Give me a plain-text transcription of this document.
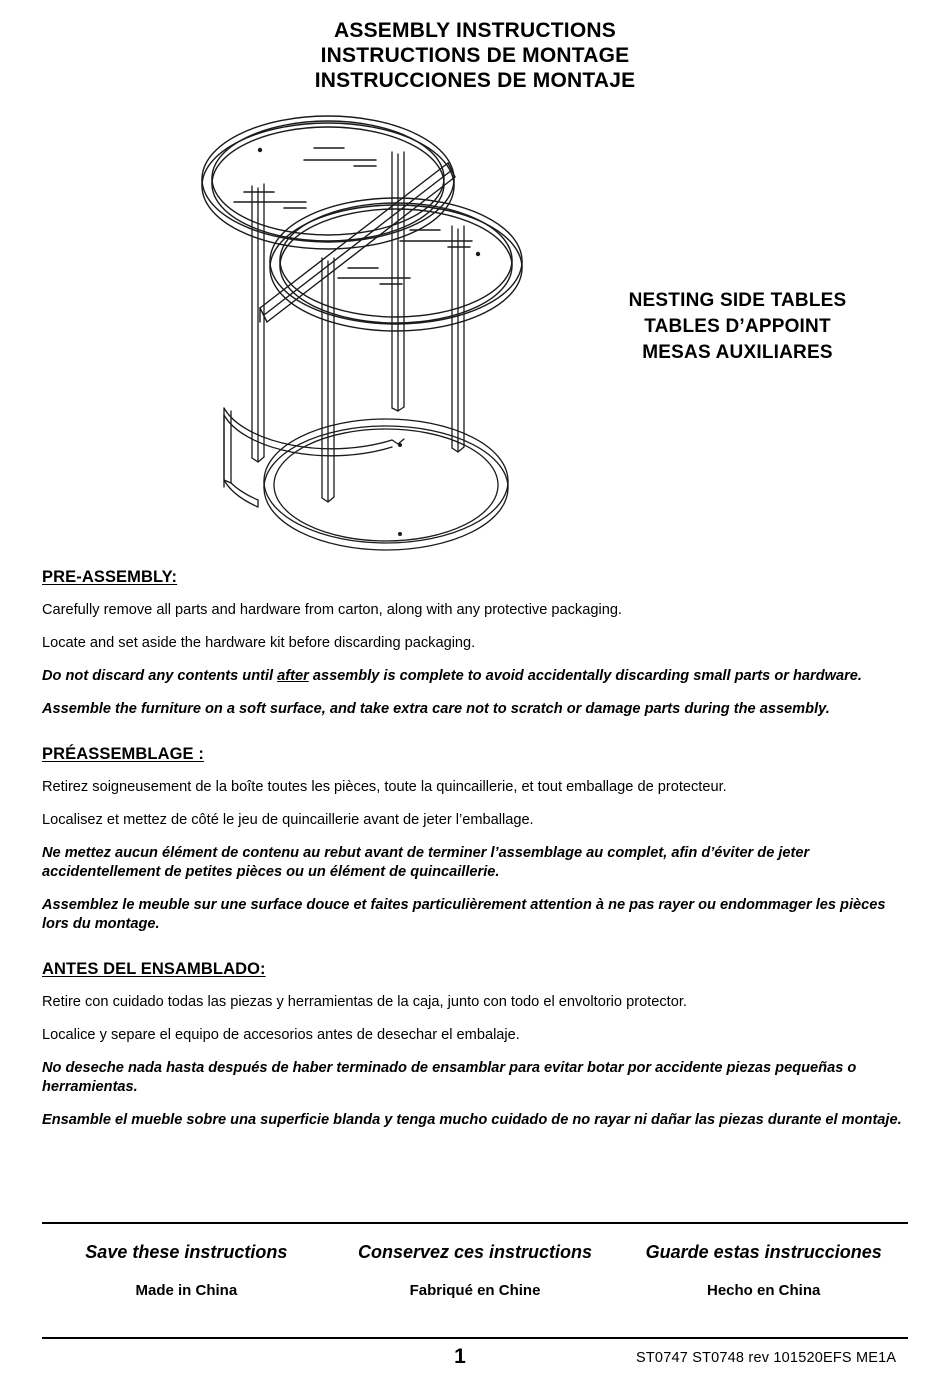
ASSEMBLY INSTRUCTIONS
INSTRUCTIONS DE MONTAGE
INSTRUCCIONES DE MONTAJE
NESTING SIDE TABLES
TABLES D’APPOINT
MESAS AUXILIARES
PRE-ASSEMBLY:

Carefully remove all parts and hardware from carton, along with any protective packaging.

Locate and set aside the hardware kit before discarding packaging.

Do not discard any contents until after assembly is complete to avoid accidentally discarding small parts or hardware.

Assemble the furniture on a soft surface, and take extra care not to scratch or damage parts during the assembly.

PRÉASSEMBLAGE :

Retirez soigneusement de la boîte toutes les pièces, toute la quincaillerie, et tout emballage de protecteur.

Localisez et mettez de côté le jeu de quincaillerie avant de jeter l’emballage.

Ne mettez aucun élément de contenu au rebut avant de terminer l’assemblage au complet, afin d’éviter de jeter accidentellement de petites pièces ou un élément de quincaillerie.

Assemblez le meuble sur une surface douce et faites particulièrement attention à ne pas rayer ou endommager les pièces lors du montage.

ANTES DEL ENSAMBLADO:

Retire con cuidado todas las piezas y herramientas de la caja, junto con todo el envoltorio protector.

Localice y separe el equipo de accesorios antes de desechar el embalaje.

No deseche nada hasta después de haber terminado de ensamblar para evitar botar por accidente piezas pequeñas o herramientas.

Ensamble el mueble sobre una superficie blanda y tenga mucho cuidado de no rayar ni dañar las piezas durante el montaje.

Save these instructions
Made in China
Conservez ces instructions
Fabriqué en Chine
Guarde estas instrucciones
Hecho en China
1	ST0747 ST0748 rev 101520EFS ME1A
